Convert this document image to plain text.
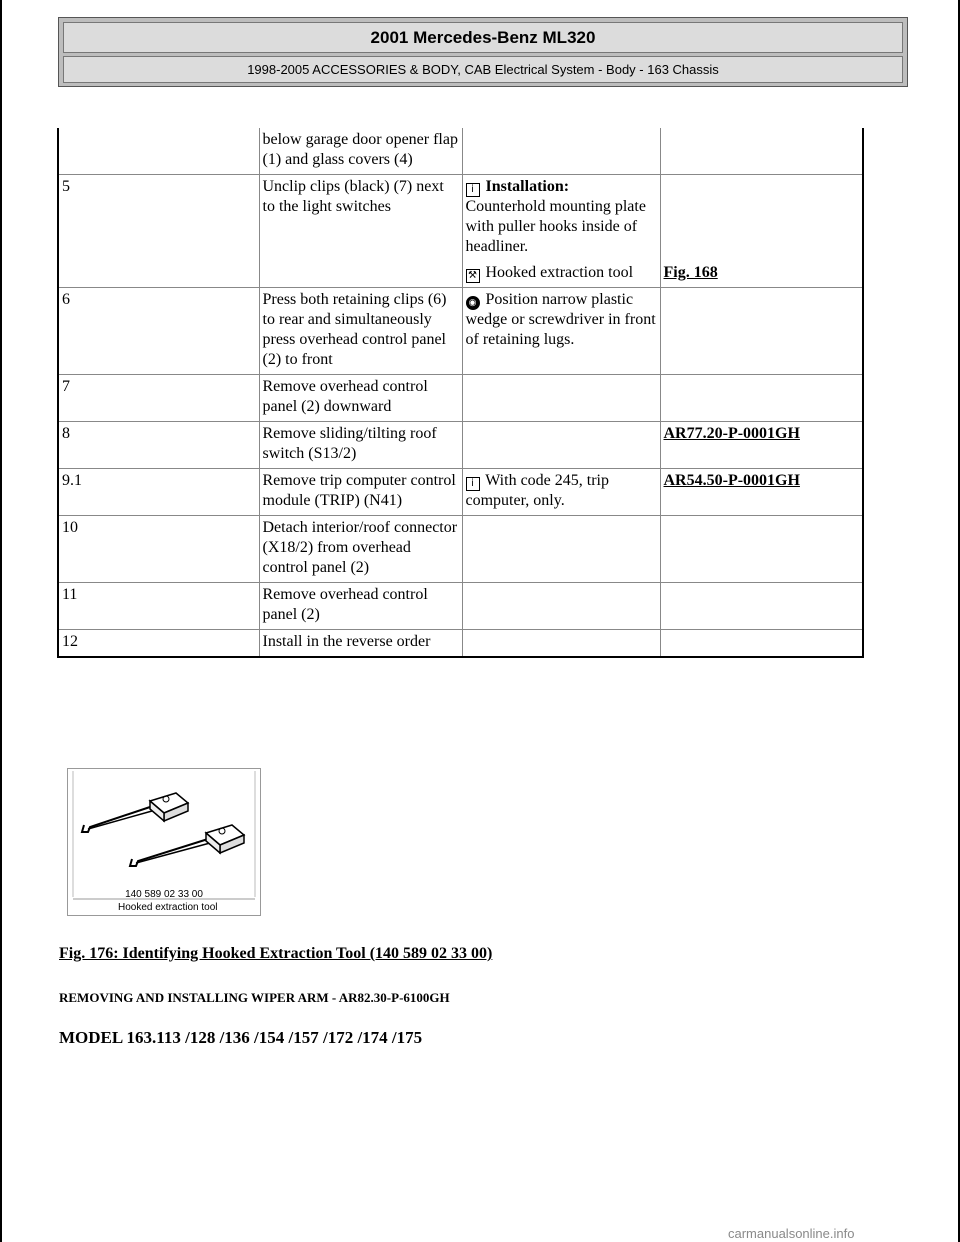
2001 Mercedes-Benz ML320
1998-2005 ACCESSORIES & BODY, CAB Electrical System - Body - 163 Chassis
	below garage door opener flap (1) and glass covers (4)		
5	Unclip clips (black) (7) next to the light switches	i Installation:
Counterhold mounting plate with puller hooks inside of headliner.
⚒ Hooked extraction tool	Fig. 168
6	Press both retaining clips (6) to rear and simultaneously press overhead control panel (2) to front	◉ Position narrow plastic wedge or screwdriver in front of retaining lugs.	
7	Remove overhead control panel (2) downward		
8	Remove sliding/tilting roof switch (S13/2)		AR77.20-P-0001GH
9.1	Remove trip computer control module (TRIP) (N41)	i With code 245, trip computer, only.	AR54.50-P-0001GH
10	Detach interior/roof connector (X18/2) from overhead control panel (2)		
11	Remove overhead control panel (2)		
12	Install in the reverse order		
140 589 02 33 00
Hooked extraction tool
Fig. 176: Identifying Hooked Extraction Tool (140 589 02 33 00)
REMOVING AND INSTALLING WIPER ARM - AR82.30-P-6100GH
MODEL 163.113 /128 /136 /154 /157 /172 /174 /175
carmanualsonline.info
